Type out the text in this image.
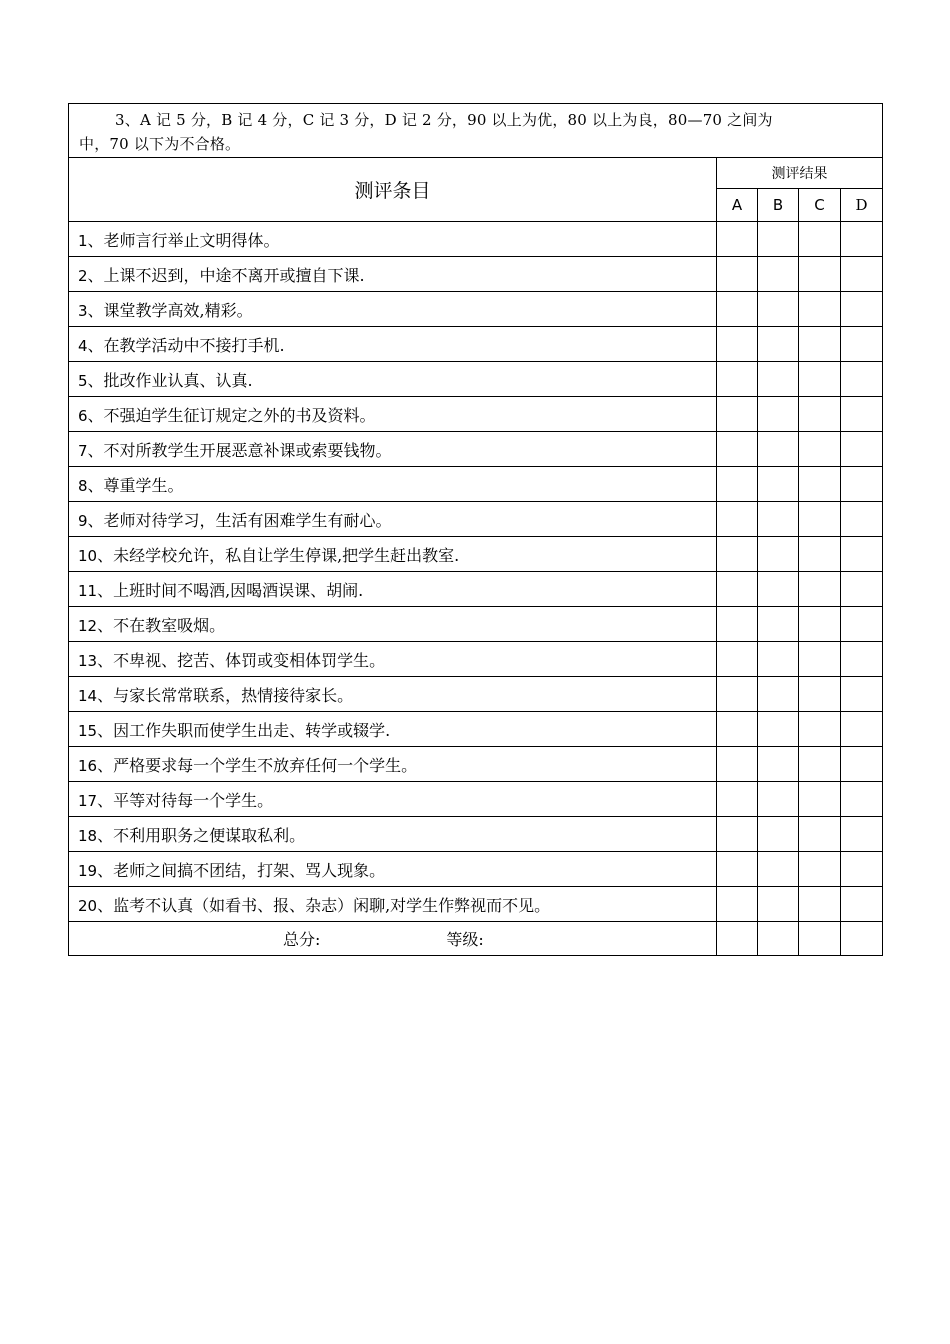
3、A 记 5 分，B 记 4 分，C 记 3 分，D 记 2 分，90 以上为优，80 以上为良，80—70 之间为
中，70 以下为不合格。				
测评条目	测评结果			
	A	B	C	D
1、老师言行举止文明得体。				
2、上课不迟到，中途不离开或擅自下课.				
3、课堂教学高效,精彩。				
4、在教学活动中不接打手机.				
5、批改作业认真、认真.				
6、不强迫学生征订规定之外的书及资料。				
7、不对所教学生开展恶意补课或索要钱物。				
8、尊重学生。				
9、老师对待学习，生活有困难学生有耐心。				
10、未经学校允许，私自让学生停课,把学生赶出教室.				
11、上班时间不喝酒,因喝酒误课、胡闹.				
12、不在教室吸烟。				
13、不卑视、挖苦、体罚或变相体罚学生。				
14、与家长常常联系，热情接待家长。				
15、因工作失职而使学生出走、转学或辍学.				
16、严格要求每一个学生不放弃任何一个学生。				
17、平等对待每一个学生。				
18、不利用职务之便谋取私利。				
19、老师之间搞不团结，打架、骂人现象。				
20、监考不认真（如看书、报、杂志）闲聊,对学生作弊视而不见。				
总分: 等级:				
